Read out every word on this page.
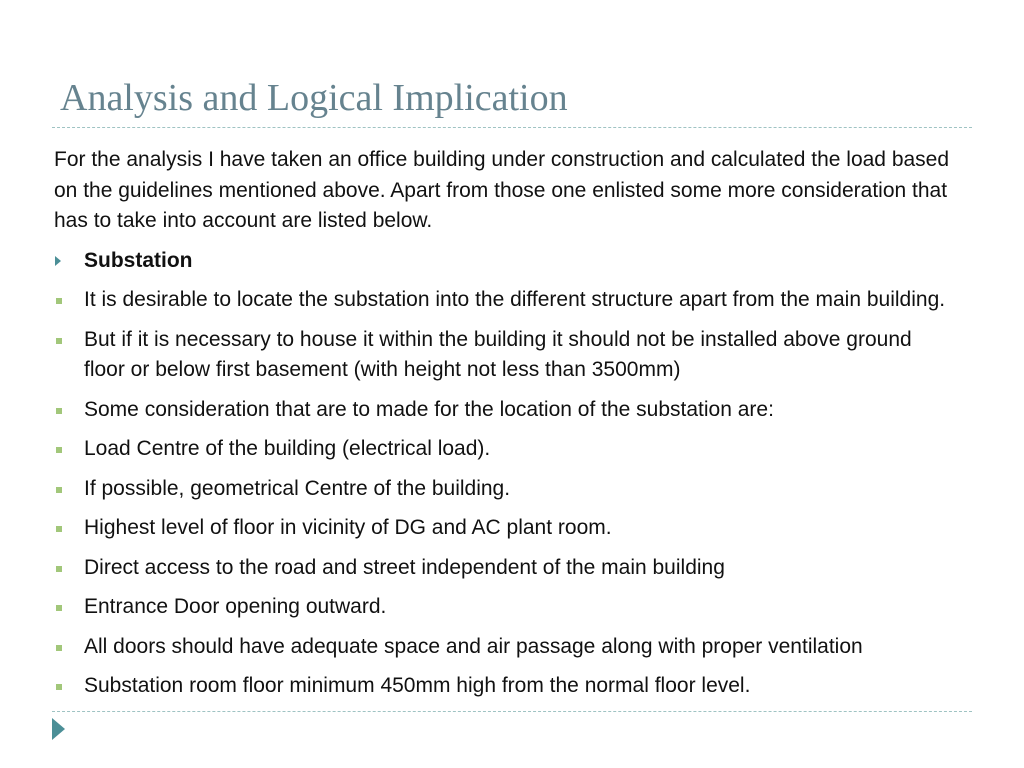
Analysis and Logical Implication

For the analysis I have taken an office building under construction and calculated the load based on the guidelines mentioned above. Apart from those one enlisted some more consideration that has to take into account are listed below.

Substation
It is desirable to locate the substation into the different structure apart from the main building.
But if it is necessary to house it within the building it should not be installed above ground floor or below first basement (with height not less than 3500mm)
Some consideration that are to made for the location of the substation are:
Load Centre of the building (electrical load).
If possible, geometrical Centre of the building.
Highest level of floor in vicinity of DG and AC plant room.
Direct access to the road and street independent of the main building
Entrance Door opening outward.
All doors should have adequate space and air passage along with proper ventilation
Substation room floor minimum 450mm high from the normal floor level.
